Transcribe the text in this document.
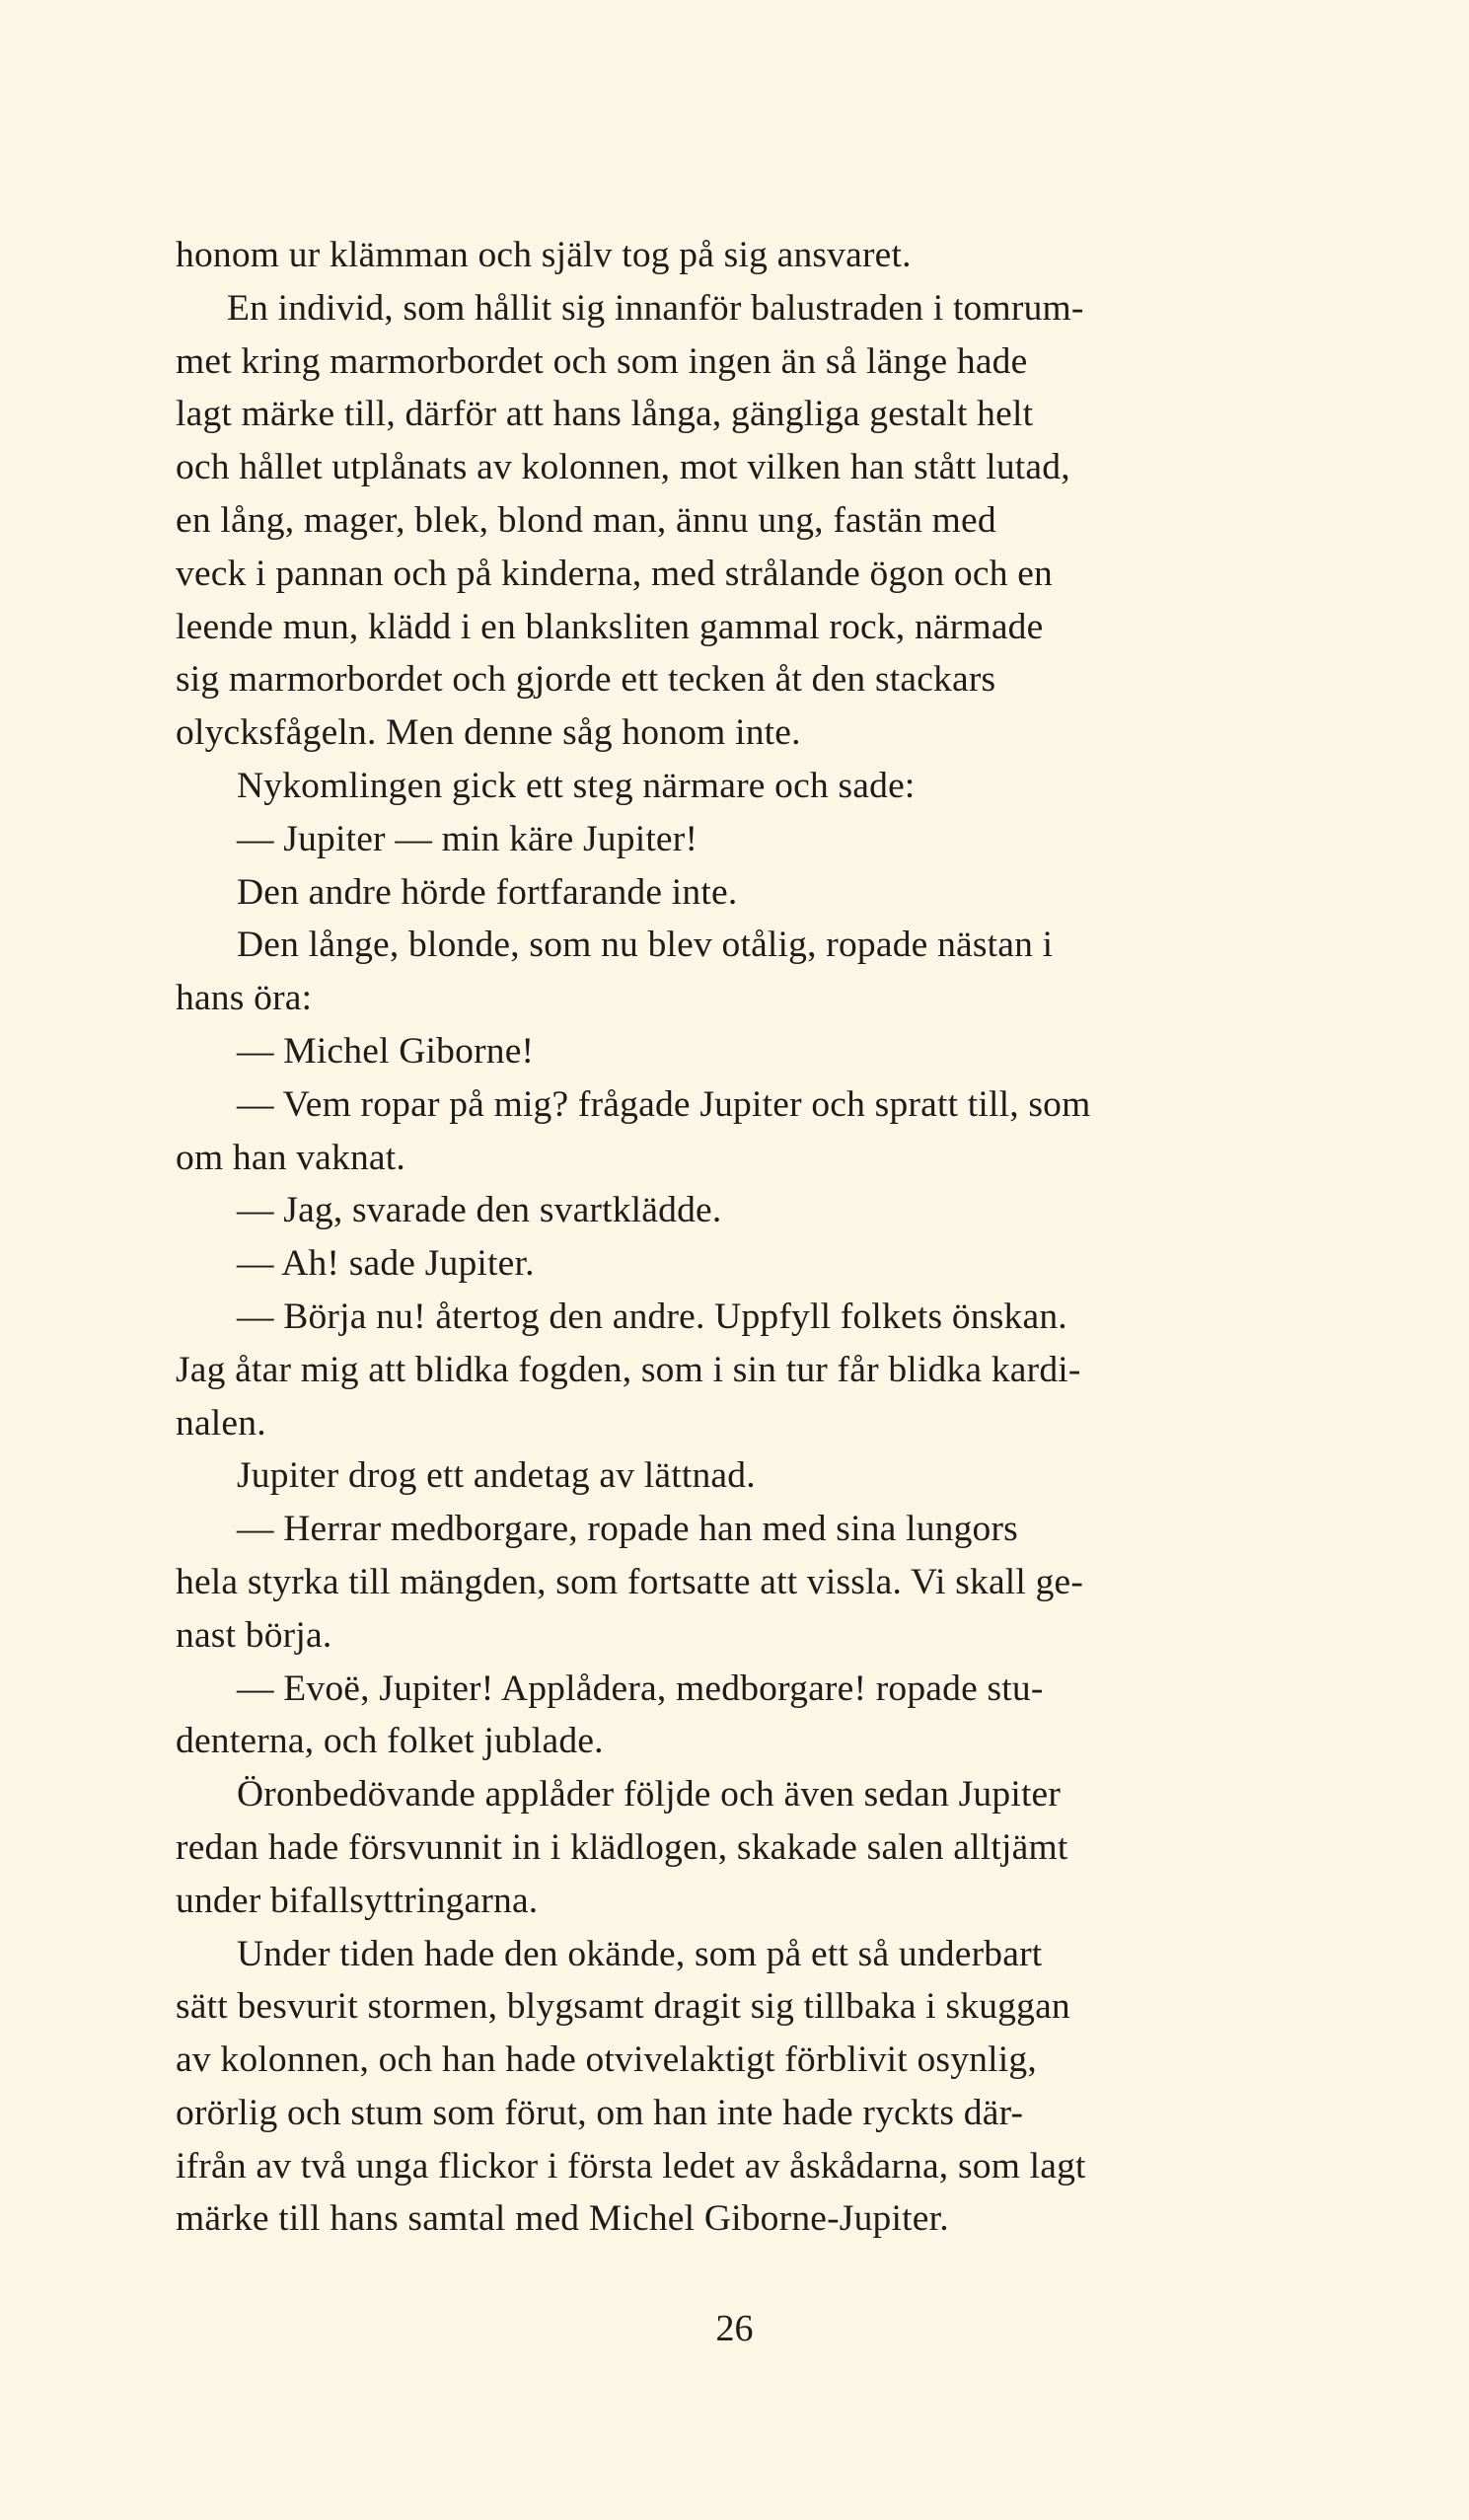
honom ur klämman och själv tog på sig ansvaret.
En individ, som hållit sig innanför balustraden i tomrum-
met kring marmorbordet och som ingen än så länge hade
lagt märke till, därför att hans långa, gängliga gestalt helt
och hållet utplånats av kolonnen, mot vilken han stått lutad,
en lång, mager, blek, blond man, ännu ung, fastän med
veck i pannan och på kinderna, med strålande ögon och en
leende mun, klädd i en blanksliten gammal rock, närmade
sig marmorbordet och gjorde ett tecken åt den stackars
olycksfågeln. Men denne såg honom inte.
Nykomlingen gick ett steg närmare och sade:
— Jupiter — min käre Jupiter!
Den andre hörde fortfarande inte.
Den långe, blonde, som nu blev otålig, ropade nästan i
hans öra:
— Michel Giborne!
— Vem ropar på mig? frågade Jupiter och spratt till, som
om han vaknat.
— Jag, svarade den svartklädde.
— Ah! sade Jupiter.
— Börja nu! återtog den andre. Uppfyll folkets önskan.
Jag åtar mig att blidka fogden, som i sin tur får blidka kardi-
nalen.
Jupiter drog ett andetag av lättnad.
— Herrar medborgare, ropade han med sina lungors
hela styrka till mängden, som fortsatte att vissla. Vi skall ge-
nast börja.
— Evoë, Jupiter! Applådera, medborgare! ropade stu-
denterna, och folket jublade.
Öronbedövande applåder följde och även sedan Jupiter
redan hade försvunnit in i klädlogen, skakade salen alltjämt
under bifallsyttringarna.
Under tiden hade den okände, som på ett så underbart
sätt besvurit stormen, blygsamt dragit sig tillbaka i skuggan
av kolonnen, och han hade otvivelaktigt förblivit osynlig,
orörlig och stum som förut, om han inte hade ryckts där-
ifrån av två unga flickor i första ledet av åskådarna, som lagt
märke till hans samtal med Michel Giborne-Jupiter.
26
